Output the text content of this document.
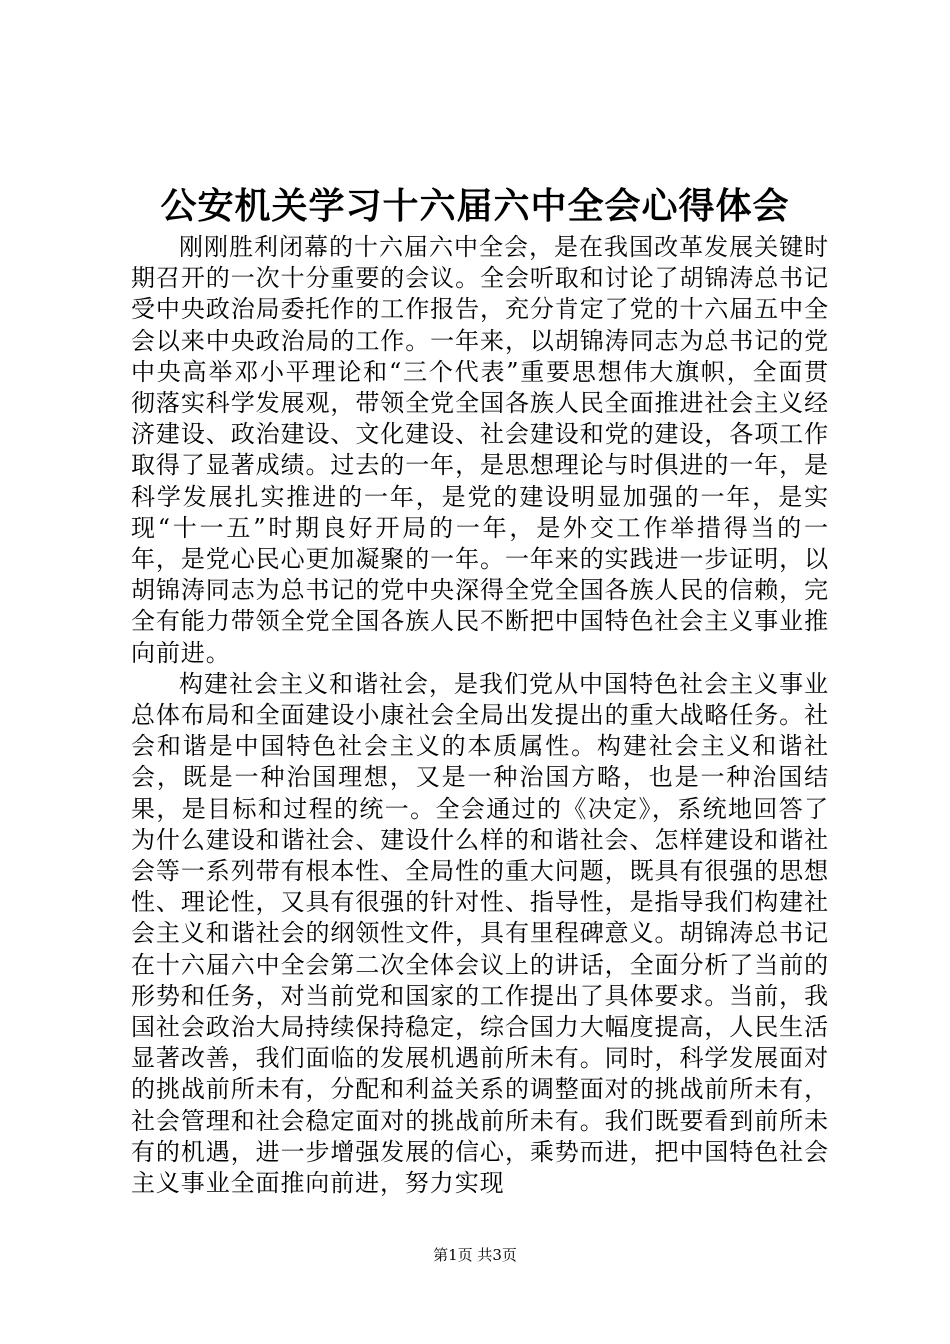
公安机关学习十六届六中全会心得体会

刚刚胜利闭幕的十六届六中全会，是在我国改革发展关键时期召开的一次十分重要的会议。全会听取和讨论了胡锦涛总书记受中央政治局委托作的工作报告，充分肯定了党的十六届五中全会以来中央政治局的工作。一年来，以胡锦涛同志为总书记的党中央高举邓小平理论和“三个代表”重要思想伟大旗帜，全面贯彻落实科学发展观，带领全党全国各族人民全面推进社会主义经济建设、政治建设、文化建设、社会建设和党的建设，各项工作取得了显著成绩。过去的一年，是思想理论与时俱进的一年，是科学发展扎实推进的一年，是党的建设明显加强的一年，是实现“十一五”时期良好开局的一年，是外交工作举措得当的一年，是党心民心更加凝聚的一年。一年来的实践进一步证明，以胡锦涛同志为总书记的党中央深得全党全国各族人民的信赖，完全有能力带领全党全国各族人民不断把中国特色社会主义事业推向前进。

构建社会主义和谐社会，是我们党从中国特色社会主义事业总体布局和全面建设小康社会全局出发提出的重大战略任务。社会和谐是中国特色社会主义的本质属性。构建社会主义和谐社会，既是一种治国理想，又是一种治国方略，也是一种治国结果，是目标和过程的统一。全会通过的《决定》，系统地回答了为什么建设和谐社会、建设什么样的和谐社会、怎样建设和谐社会等一系列带有根本性、全局性的重大问题，既具有很强的思想性、理论性，又具有很强的针对性、指导性，是指导我们构建社会主义和谐社会的纲领性文件，具有里程碑意义。胡锦涛总书记在十六届六中全会第二次全体会议上的讲话，全面分析了当前的形势和任务，对当前党和国家的工作提出了具体要求。当前，我国社会政治大局持续保持稳定，综合国力大幅度提高，人民生活显著改善，我们面临的发展机遇前所未有。同时，科学发展面对的挑战前所未有，分配和利益关系的调整面对的挑战前所未有，社会管理和社会稳定面对的挑战前所未有。我们既要看到前所未有的机遇，进一步增强发展的信心，乘势而进，把中国特色社会主义事业全面推向前进，努力实现

第1页 共3页
